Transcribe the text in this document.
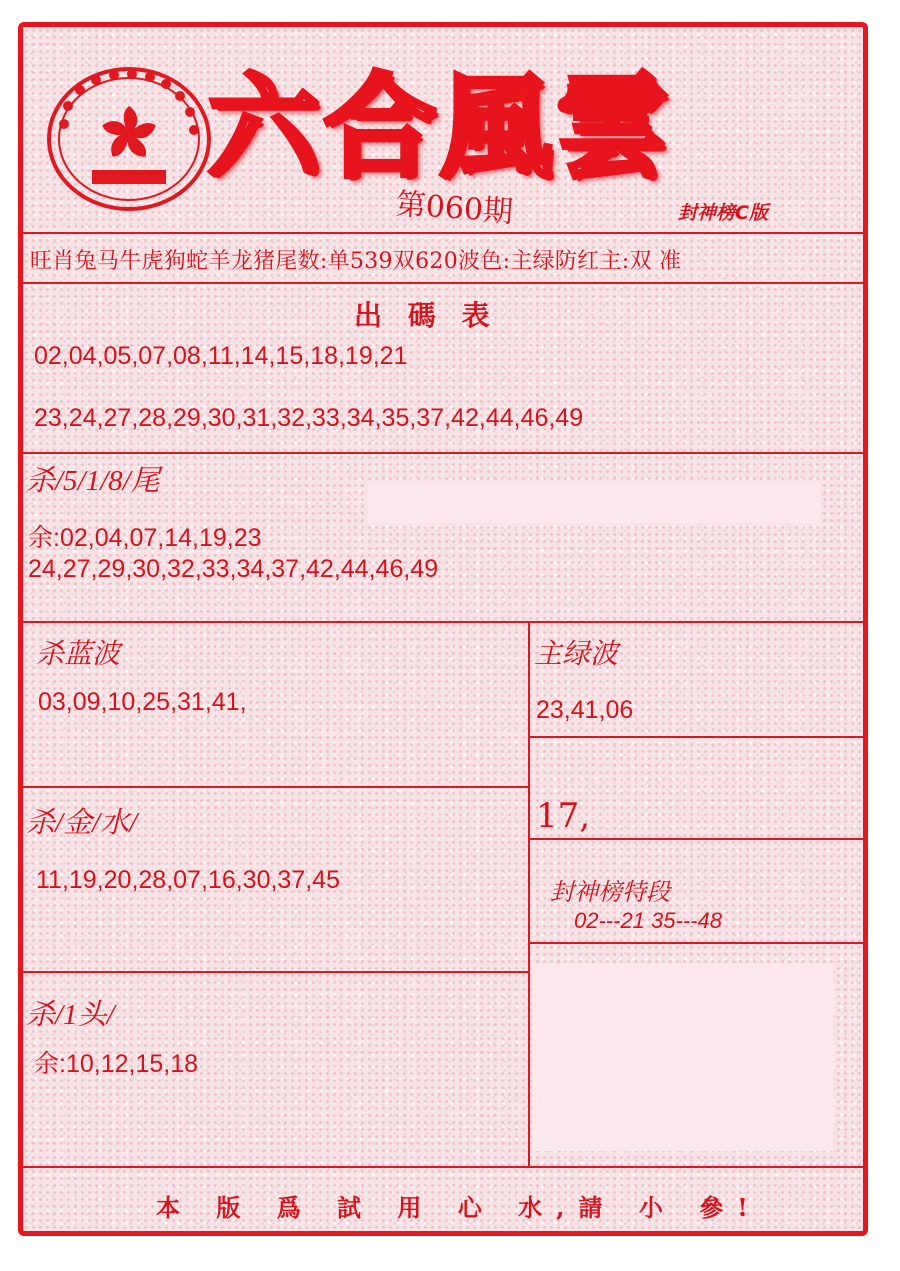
六合風雲
第060期	封神榜C版
旺肖兔马牛虎狗蛇羊龙猪尾数:单539双620波色:主绿防红主:双 准
出 碼 表
02,04,05,07,08,11,14,15,18,19,21
23,24,27,28,29,30,31,32,33,34,35,37,42,44,46,49
杀/5/1/8/尾
余:02,04,07,14,19,23
24,27,29,30,32,33,34,37,42,44,46,49
杀蓝波
03,09,10,25,31,41,
主绿波
23,41,06
17,
杀/金/水/
11,19,20,28,07,16,30,37,45	封神榜特段
02---21 35---48
杀/1头/
余:10,12,15,18
本 版 爲 試 用 心 水,請 小 參!
